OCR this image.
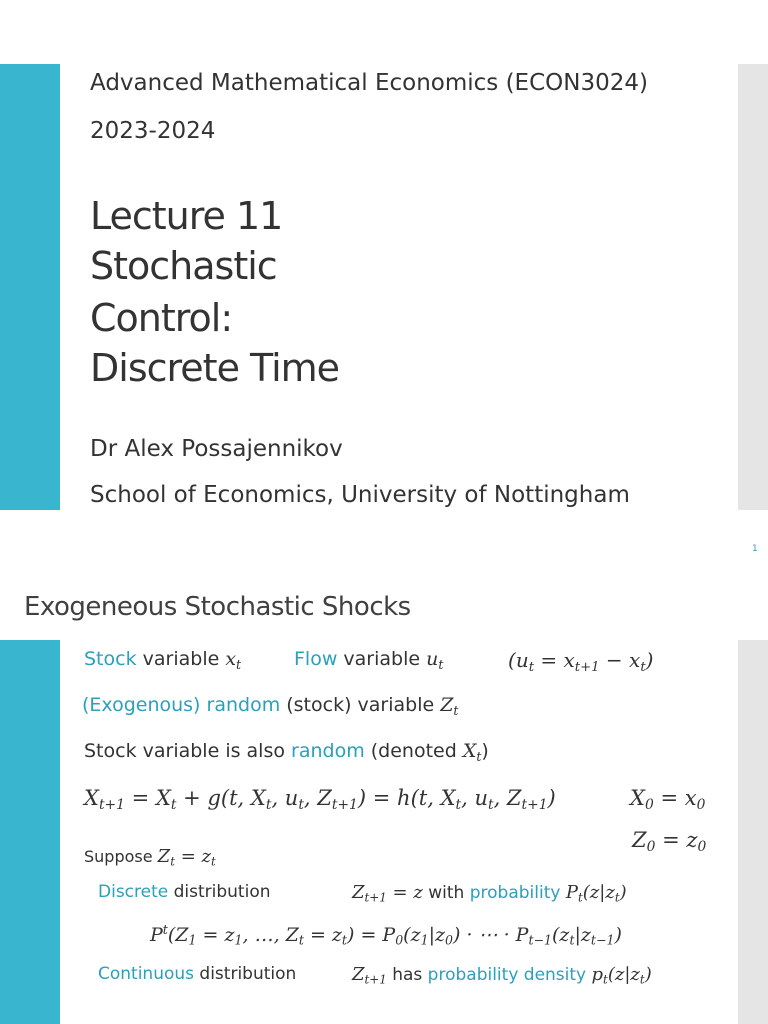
Advanced Mathematical Economics (ECON3024)
2023-2024
Lecture 11
Stochastic
Control:
Discrete Time
Dr Alex Possajennikov
School of Economics, University of Nottingham
1
Exogeneous Stochastic Shocks
Stock variable $x_t$	Flow variable $u_t$	$(u_t = x_{t+1} - x_t)$
(Exogenous) random (stock) variable $Z_t$
Stock variable is also random (denoted $X_t$)
$X_{t+1} = X_t + g(t$, $X_t$, $u_t$, $Z_{t+1}) = h(t$, $X_t$, $u_t$, $Z_{t+1}$)	$X_0 = x_0$
$Z_0 = z_0$
Suppose $Z_t = z_t$
Discrete distribution	$Z_{t+1} = z$ with probability $P_t(z|z_t)$
$P^t(Z_1 = z_1$, …, $Z_t = z_t) = P_0(z_1|z_0)$ · ⋯ · $P_{t-1}(z_t|z_{t-1})$
Continuous distribution	$Z_{t+1}$ has probability density $p_t(z|z_t)$
